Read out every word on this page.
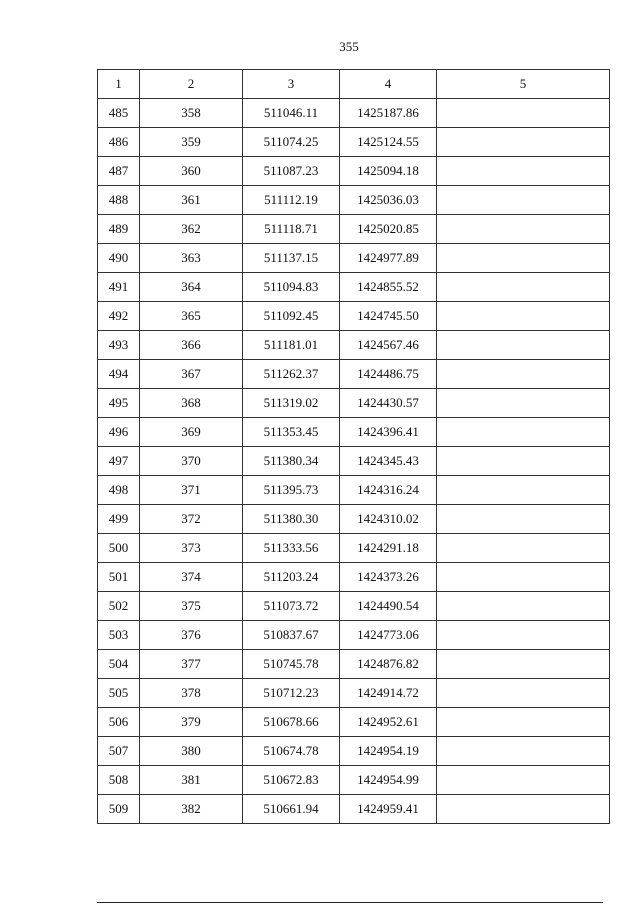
355
1	2	3	4	5
485	358	511046.11	1425187.86	
486	359	511074.25	1425124.55	
487	360	511087.23	1425094.18	
488	361	511112.19	1425036.03	
489	362	511118.71	1425020.85	
490	363	511137.15	1424977.89	
491	364	511094.83	1424855.52	
492	365	511092.45	1424745.50	
493	366	511181.01	1424567.46	
494	367	511262.37	1424486.75	
495	368	511319.02	1424430.57	
496	369	511353.45	1424396.41	
497	370	511380.34	1424345.43	
498	371	511395.73	1424316.24	
499	372	511380.30	1424310.02	
500	373	511333.56	1424291.18	
501	374	511203.24	1424373.26	
502	375	511073.72	1424490.54	
503	376	510837.67	1424773.06	
504	377	510745.78	1424876.82	
505	378	510712.23	1424914.72	
506	379	510678.66	1424952.61	
507	380	510674.78	1424954.19	
508	381	510672.83	1424954.99	
509	382	510661.94	1424959.41	
